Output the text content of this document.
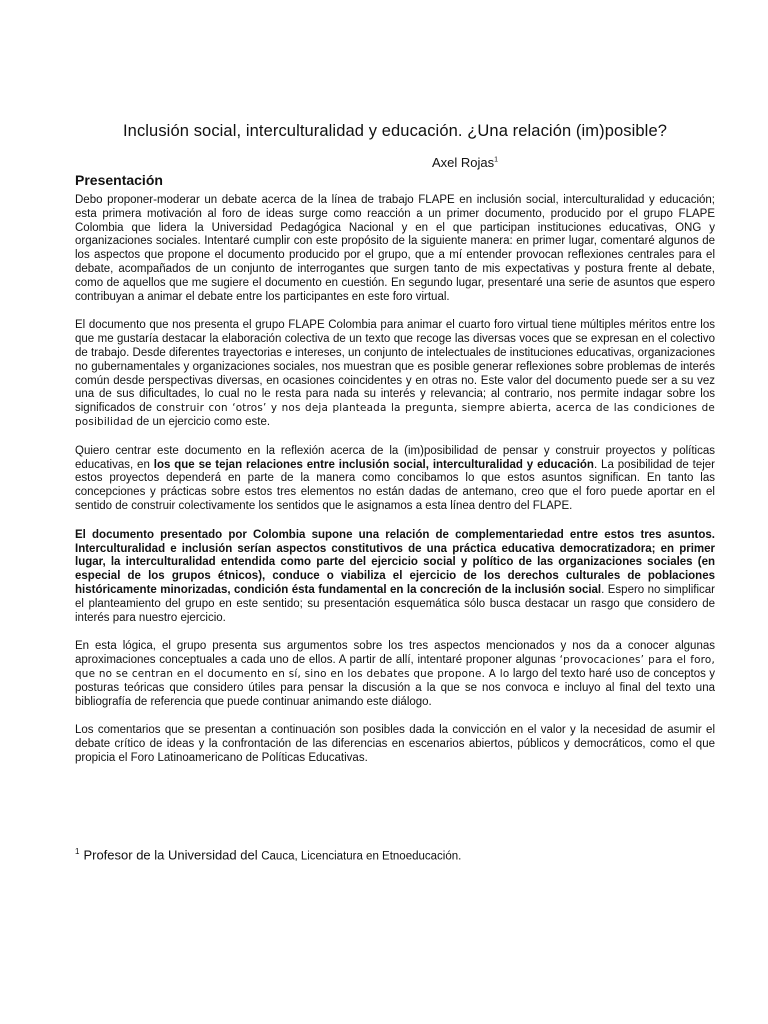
Inclusión social, interculturalidad y educación. ¿Una relación (im)posible?
Axel Rojas$^1$
Presentación

Debo proponer-moderar un debate acerca de la línea de trabajo FLAPE en inclusión social, interculturalidad y educación; esta primera motivación al foro de ideas surge como reacción a un primer documento, producido por el grupo FLAPE Colombia que lidera la Universidad Pedagógica Nacional y en el que participan instituciones educativas, ONG y organizaciones sociales. Intentaré cumplir con este propósito de la siguiente manera: en primer lugar, comentaré algunos de los aspectos que propone el documento producido por el grupo, que a mí entender provocan reflexiones centrales para el debate, acompañados de un conjunto de interrogantes que surgen tanto de mis expectativas y postura frente al debate, como de aquellos que me sugiere el documento en cuestión. En segundo lugar, presentaré una serie de asuntos que espero contribuyan a animar el debate entre los participantes en este foro virtual.

El documento que nos presenta el grupo FLAPE Colombia para animar el cuarto foro virtual tiene múltiples méritos entre los que me gustaría destacar la elaboración colectiva de un texto que recoge las diversas voces que se expresan en el colectivo de trabajo. Desde diferentes trayectorias e intereses, un conjunto de intelectuales de instituciones educativas, organizaciones no gubernamentales y organizaciones sociales, nos muestran que es posible generar reflexiones sobre problemas de interés común desde perspectivas diversas, en ocasiones coincidentes y en otras no. Este valor del documento puede ser a su vez una de sus dificultades, lo cual no le resta para nada su interés y relevancia; al contrario, nos permite indagar sobre los significados de construir con ‘otros’ y nos deja planteada la pregunta, siempre abierta, acerca de las condiciones de posibilidad de un ejercicio como este.

Quiero centrar este documento en la reflexión acerca de la (im)posibilidad de pensar y construir proyectos y políticas educativas, en los que se tejan relaciones entre inclusión social, interculturalidad y educación. La posibilidad de tejer estos proyectos dependerá en parte de la manera como concibamos lo que estos asuntos significan. En tanto las concepciones y prácticas sobre estos tres elementos no están dadas de antemano, creo que el foro puede aportar en el sentido de construir colectivamente los sentidos que le asignamos a esta línea dentro del FLAPE.

El documento presentado por Colombia supone una relación de complementariedad entre estos tres asuntos. Interculturalidad e inclusión serían aspectos constitutivos de una práctica educativa democratizadora; en primer lugar, la interculturalidad entendida como parte del ejercicio social y político de las organizaciones sociales (en especial de los grupos étnicos), conduce o viabiliza el ejercicio de los derechos culturales de poblaciones históricamente minorizadas, condición ésta fundamental en la concreción de la inclusión social. Espero no simplificar el planteamiento del grupo en este sentido; su presentación esquemática sólo busca destacar un rasgo que considero de interés para nuestro ejercicio.

En esta lógica, el grupo presenta sus argumentos sobre los tres aspectos mencionados y nos da a conocer algunas aproximaciones conceptuales a cada uno de ellos. A partir de allí, intentaré proponer algunas ‘provocaciones’ para el foro, que no se centran en el documento en sí, sino en los debates que propone. A lo largo del texto haré uso de conceptos y posturas teóricas que considero útiles para pensar la discusión a la que se nos convoca e incluyo al final del texto una bibliografía de referencia que puede continuar animando este diálogo.

Los comentarios que se presentan a continuación son posibles dada la convicción en el valor y la necesidad de asumir el debate crítico de ideas y la confrontación de las diferencias en escenarios abiertos, públicos y democráticos, como el que propicia el Foro Latinoamericano de Políticas Educativas.

$^1$ Profesor de la Universidad del Cauca, Licenciatura en Etnoeducación.
